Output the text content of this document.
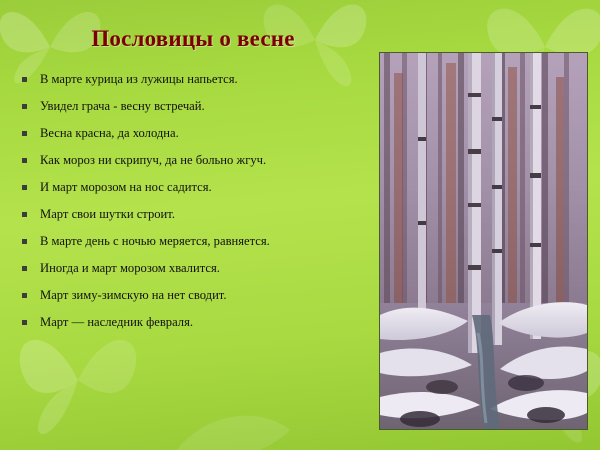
Пословицы о весне
В марте курица из лужицы напьется.
Увидел грача - весну встречай.
Весна красна, да холодна.
Как мороз ни скрипуч, да не больно жгуч.
И март морозом на нос садится.
Март свои шутки строит.
В марте день с ночью меряется, равняется.
Иногда и март морозом хвалится.
Март зиму-зимскую на нет сводит.
Март — наследник февраля.
